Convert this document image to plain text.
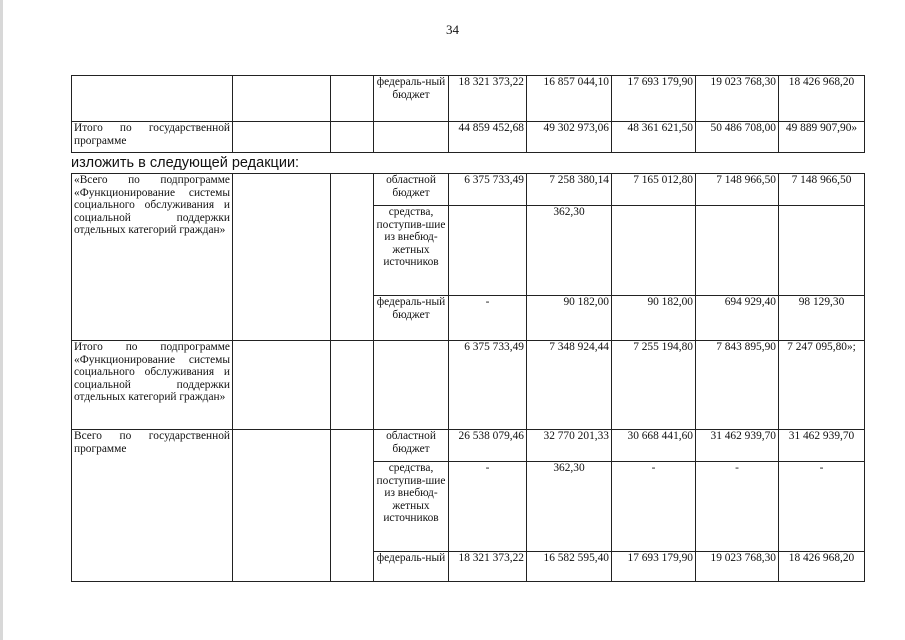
34
			федераль-ный бюджет	18 321 373,22	16 857 044,10	17 693 179,90	19 023 768,30	18 426 968,20
Итого по государственной программе				44 859 452,68	49 302 973,06	48 361 621,50	50 486 708,00	49 889 907,90»
изложить в следующей редакции:
«Всего по подпрограмме «Функционирование системы социального обслуживания и социальной поддержки отдельных категорий граждан»			областной бюджет	6 375 733,49	7 258 380,14	7 165 012,80	7 148 966,50	7 148 966,50
			средства, поступив-шие из внебюд-жетных источников		362,30			
			федераль-ный бюджет	-	90 182,00	90 182,00	694 929,40	98 129,30
Итого по подпрограмме «Функционирование системы социального обслуживания и социальной поддержки отдельных категорий граждан»				6 375 733,49	7 348 924,44	7 255 194,80	7 843 895,90	7 247 095,80»;
Всего по государственной программе			областной бюджет	26 538 079,46	32 770 201,33	30 668 441,60	31 462 939,70	31 462 939,70
			средства, поступив-шие из внебюд-жетных источников	-	362,30	-	-	-
			федераль-ный	18 321 373,22	16 582 595,40	17 693 179,90	19 023 768,30	18 426 968,20
